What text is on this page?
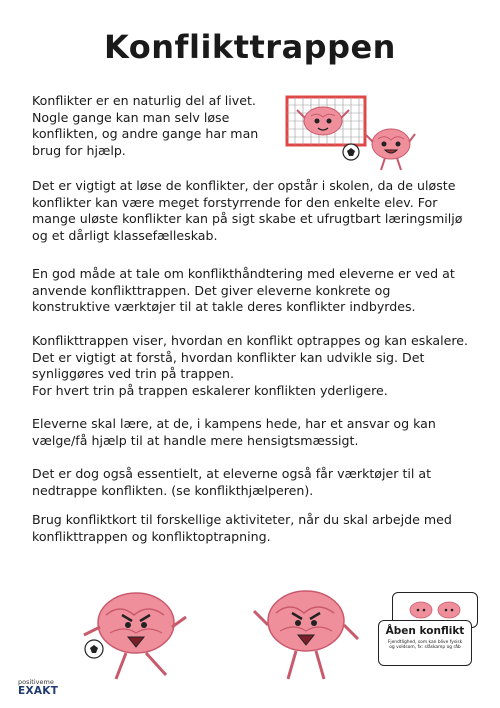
Konflikttrappen

Konflikter er en naturlig del af livet. Nogle gange kan man selv løse konflikten, og andre gange har man brug for hjælp.

Det er vigtigt at løse de konflikter, der opstår i skolen, da de uløste konflikter kan være meget forstyrrende for den enkelte elev. For mange uløste konflikter kan på sigt skabe et ufrugtbart læringsmiljø og et dårligt klassefælleskab.

En god måde at tale om konflikthåndtering med eleverne er ved at anvende konflikttrappen. Det giver eleverne konkrete og konstruktive værktøjer til at takle deres konflikter indbyrdes.

Konflikttrappen viser, hvordan en konflikt optrappes og kan eskalere. Det er vigtigt at forstå, hvordan konflikter kan udvikle sig. Det synliggøres ved trin på trappen.
For hvert trin på trappen eskalerer konflikten yderligere.

Eleverne skal lære, at de, i kampens hede, har et ansvar og kan vælge/få hjælp til at handle mere hensigtsmæssigt.

Det er dog også essentielt, at eleverne også får værktøjer til at nedtrappe konflikten. (se konflikthjælperen).

Brug konfliktkort til forskellige aktiviteter, når du skal arbejde med konflikttrappen og konfliktoptrapning.

Åben konflikt
Fjendtlighed, som kan blive fysisk og voldsom, fx: slåskamp og råb
positiveme
EXAKT
